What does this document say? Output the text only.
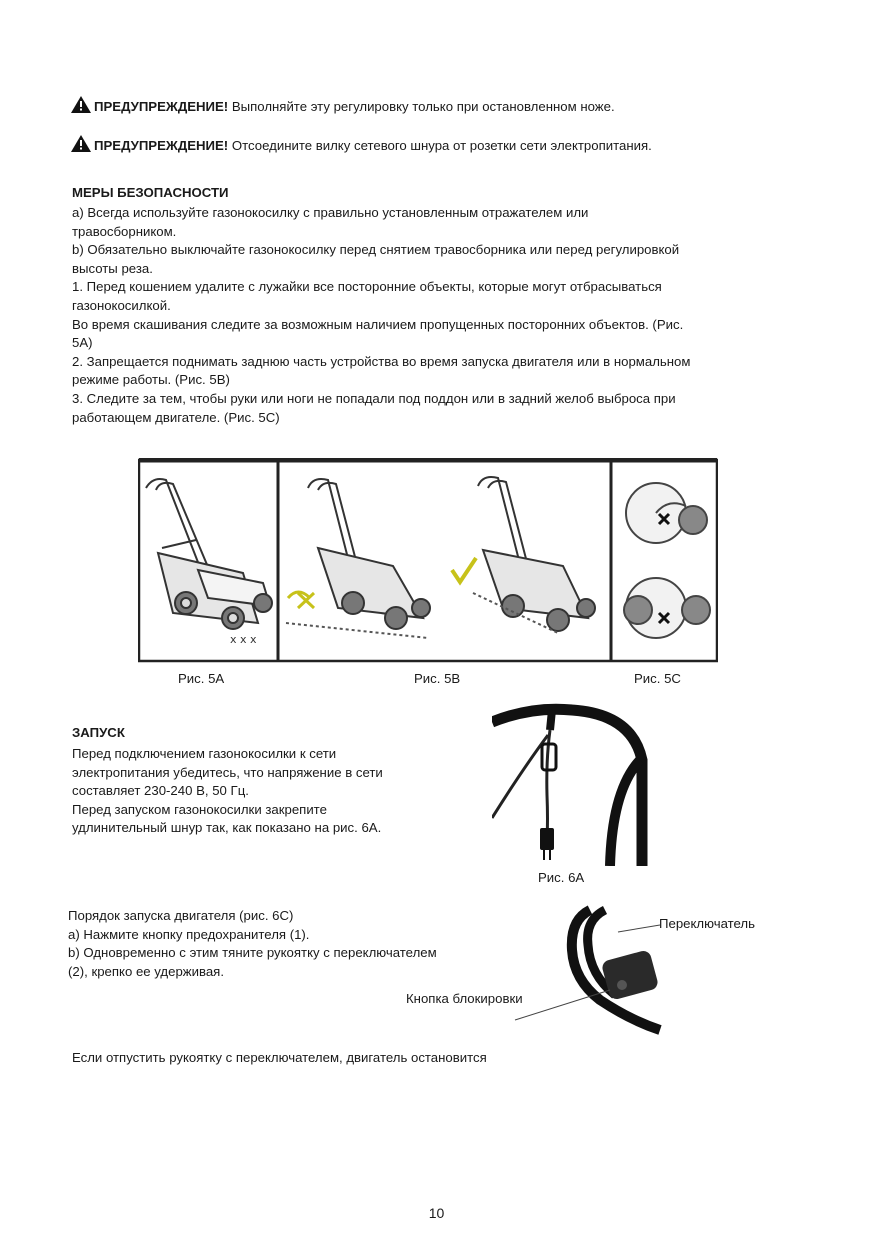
ПРЕДУПРЕЖДЕНИЕ! Выполняйте эту регулировку только при остановленном ноже.
ПРЕДУПРЕЖДЕНИЕ! Отсоедините вилку сетевого шнура от розетки сети электропитания.
МЕРЫ БЕЗОПАСНОСТИ
a) Всегда используйте газонокосилку с правильно установленным отражателем или
травосборником.
b) Обязательно выключайте газонокосилку перед снятием травосборника или перед регулировкой
высоты реза.
1. Перед кошением удалите с лужайки все посторонние объекты, которые могут отбрасываться
газонокосилкой.
Во время скашивания следите за возможным наличием пропущенных посторонних объектов. (Рис.
5A)
2. Запрещается поднимать заднюю часть устройства во время запуска двигателя или в нормальном
режиме работы. (Рис. 5B)
3. Следите за тем, чтобы руки или ноги не попадали под поддон или в задний желоб выброса при
работающем двигателе. (Рис. 5C)
x x x
Рис. 5A	Рис. 5B	Рис. 5C
ЗАПУСК
Перед подключением газонокосилки к сети
электропитания убедитесь, что напряжение в сети
составляет 230-240 В, 50 Гц.
Перед запуском газонокосилки закрепите
удлинительный шнур так, как показано на рис. 6A.
Рис. 6A
Порядок запуска двигателя (рис. 6C)
a) Нажмите кнопку предохранителя (1).
b) Одновременно с этим тяните рукоятку с переключателем
(2), крепко ее удерживая.
Переключатель
Кнопка блокировки
Если отпустить рукоятку с переключателем, двигатель остановится
10
